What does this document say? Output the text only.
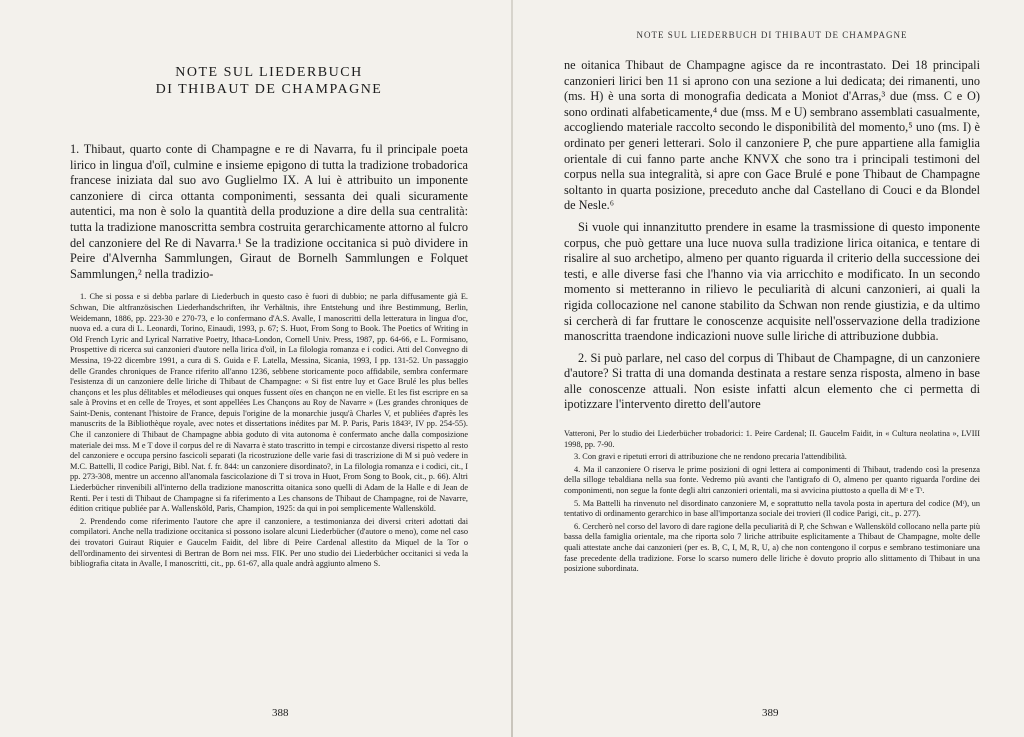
NOTE SUL LIEDERBUCH
DI THIBAUT DE CHAMPAGNE

1. Thibaut, quarto conte di Champagne e re di Navarra, fu il principale poeta lirico in lingua d'oïl, culmine e insieme epigono di tutta la tradizione trobadorica francese iniziata dal suo avo Guglielmo IX. A lui è attribuito un imponente canzoniere di circa ottanta componimenti, sessanta dei quali sicuramente autentici, ma non è solo la quantità della produzione a dire della sua centralità: tutta la tradizione manoscritta sembra costruita gerarchicamente attorno al fulcro del canzoniere del Re di Navarra.¹ Se la tradizione occitanica si può dividere in Peire d'Alvernha Sammlungen, Giraut de Bornelh Sammlungen e Folquet Sammlungen,² nella tradizio-

1. Che si possa e si debba parlare di Liederbuch in questo caso è fuori di dubbio; ne parla diffusamente già E. Schwan, Die altfranzösischen Liederhandschriften, ihr Verhältnis, ihre Entstehung und ihre Bestimmung, Berlin, Weidemann, 1886, pp. 223-30 e 270-73, e lo confermano d'A.S. Avalle, I manoscritti della letteratura in lingua d'oc, nuova ed. a cura di L. Leonardi, Torino, Einaudi, 1993, p. 67; S. Huot, From Song to Book. The Poetics of Writing in Old French Lyric and Lyrical Narrative Poetry, Ithaca-London, Cornell Univ. Press, 1987, pp. 64-66, e L. Formisano, Prospettive di ricerca sui canzonieri d'autore nella lirica d'oïl, in La filologia romanza e i codici. Atti del Convegno di Messina, 19-22 dicembre 1991, a cura di S. Guida e F. Latella, Messina, Sicania, 1993, I pp. 131-52. Un passaggio delle Grandes chroniques de France riferito all'anno 1236, sebbene storicamente poco affidabile, sembra confermare l'esistenza di un canzoniere delle liriche di Thibaut de Champagne: « Si fist entre luy et Gace Brulé les plus belles chançons et les plus délitables et mélodieuses qui onques fussent oïes en chançon ne en vielle. Et les fist escripre en sa sale à Provins et en celle de Troyes, et sont appellées Les Chançons au Roy de Navarre » (Les grandes chroniques de Saint-Denis, contenant l'histoire de France, depuis l'origine de la monarchie jusqu'à Charles V, et publiées d'après les manuscrits de la Bibliothèque royale, avec notes et dissertations inédites par M. P. Paris, Paris 1843², IV pp. 254-55). Che il canzoniere di Thibaut de Champagne abbia goduto di vita autonoma è confermato anche dalla composizione materiale dei mss. M e T dove il corpus del re di Navarra è stato trascritto in tempi e circostanze diversi rispetto al resto del canzoniere e occupa persino fascicoli separati (la ricostruzione delle varie fasi di trascrizione di M si può vedere in M.C. Battelli, Il codice Parigi, Bibl. Nat. f. fr. 844: un canzoniere disordinato?, in La filologia romanza e i codici, cit., I pp. 273-308, mentre un accenno all'anomala fascicolazione di T si trova in Huot, From Song to Book, cit., p. 66). Altri Liederbücher rinvenibili all'interno della tradizione manoscritta oitanica sono quelli di Adam de la Halle e di Jean de Renti. Per i testi di Thibaut de Champagne si fa riferimento a Les chansons de Thibaut de Champagne, roi de Navarre, édition critique publiée par A. Wallensköld, Paris, Champion, 1925: da qui in poi semplicemente Wallensköld.

2. Prendendo come riferimento l'autore che apre il canzoniere, a testimonianza dei diversi criteri adottati dai compilatori. Anche nella tradizione occitanica si possono isolare alcuni Liederbücher (d'autore o meno), come nel caso dei trovatori Guiraut Riquier e Gaucelm Faidit, del libre di Peire Cardenal allestito da Miquel de la Tor o dell'ordinamento dei sirventesi di Bertran de Born nei mss. FIK. Per uno studio dei Liederbücher occitanici si veda la bibliografia citata in Avalle, I manoscritti, cit., pp. 61-67, alla quale andrà aggiunto almeno S.

388
NOTE SUL LIEDERBUCH DI THIBAUT DE CHAMPAGNE

ne oitanica Thibaut de Champagne agisce da re incontrastato. Dei 18 principali canzonieri lirici ben 11 si aprono con una sezione a lui dedicata; dei rimanenti, uno (ms. H) è una sorta di monografia dedicata a Moniot d'Arras,³ due (mss. C e O) sono ordinati alfabeticamente,⁴ due (mss. M e U) sembrano assemblati casualmente, accogliendo materiale raccolto secondo le disponibilità del momento,⁵ uno (ms. I) è ordinato per generi letterari. Solo il canzoniere P, che pure appartiene alla famiglia orientale di cui fanno parte anche KNVX che sono tra i principali testimoni del corpus nella sua integralità, si apre con Gace Brulé e pone Thibaut de Champagne soltanto in quarta posizione, preceduto anche dal Castellano di Couci e da Blondel de Nesle.⁶

Si vuole qui innanzitutto prendere in esame la trasmissione di questo imponente corpus, che può gettare una luce nuova sulla tradizione lirica oitanica, e tentare di risalire al suo archetipo, almeno per quanto riguarda il criterio della successione dei testi, e alle diverse fasi che l'hanno via via arricchito e modificato. In un secondo momento si metteranno in rilievo le peculiarità di alcuni canzonieri, ai quali la rigida collocazione nel canone stabilito da Schwan non rende giustizia, e da ultimo si cercherà di far fruttare le conoscenze acquisite nell'osservazione della tradizione manoscritta traendone indicazioni nuove sulle liriche di attribuzione dubbia.

2. Si può parlare, nel caso del corpus di Thibaut de Champagne, di un canzoniere d'autore? Si tratta di una domanda destinata a restare senza risposta, almeno in base alle conoscenze attuali. Non esiste infatti alcun elemento che ci permetta di ipotizzare l'intervento diretto dell'autore

Vatteroni, Per lo studio dei Liederbücher trobadorici: 1. Peire Cardenal; II. Gaucelm Faidit, in « Cultura neolatina », LVIII 1998, pp. 7-90.

3. Con gravi e ripetuti errori di attribuzione che ne rendono precaria l'attendibilità.

4. Ma il canzoniere O riserva le prime posizioni di ogni lettera ai componimenti di Thibaut, tradendo così la presenza della silloge tebaldiana nella sua fonte. Vedremo più avanti che l'antigrafo di O, almeno per quanto riguarda l'ordine dei componimenti, non segue la fonte degli altri canzonieri orientali, ma si avvicina piuttosto a quella di Mᵗ e Tᵗ.

5. Ma Battelli ha rinvenuto nel disordinato canzoniere M, e soprattutto nella tavola posta in apertura del codice (Mᵗ), un tentativo di ordinamento gerarchico in base all'importanza sociale dei trovieri (Il codice Parigi, cit., p. 277).

6. Cercherò nel corso del lavoro di dare ragione della peculiarità di P, che Schwan e Wallensköld collocano nella parte più bassa della famiglia orientale, ma che riporta solo 7 liriche attribuite esplicitamente a Thibaut de Champagne, molte delle quali attestate anche dai canzonieri (per es. B, C, I, M, R, U, a) che non contengono il corpus e sembrano testimoniare una fase precedente della tradizione. Forse lo scarso numero delle liriche è dovuto proprio allo slittamento di Thibaut in una posizione subordinata.

389
